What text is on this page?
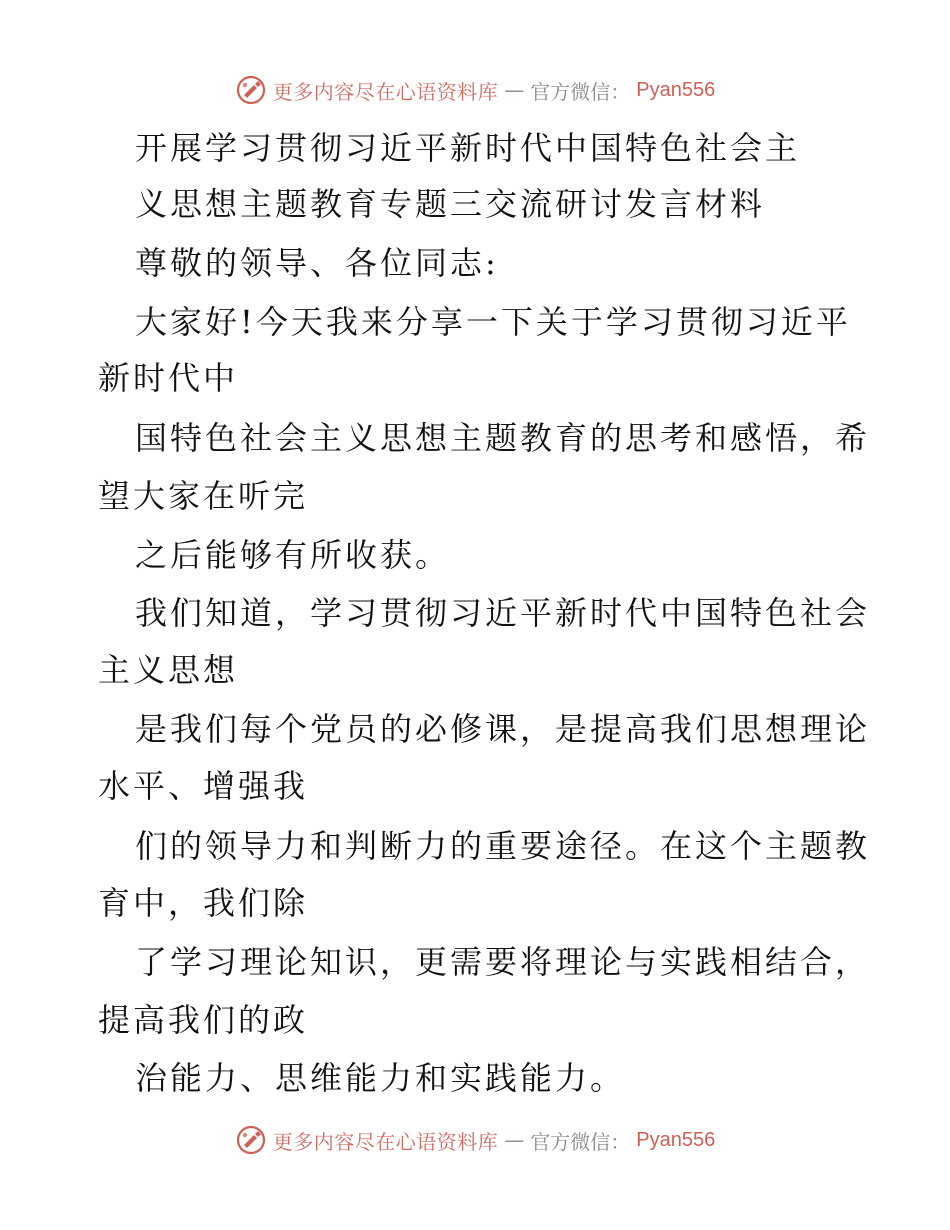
更多内容尽在心语资料库 — 官方微信： Pyan556
开展学习贯彻习近平新时代中国特色社会主
义思想主题教育专题三交流研讨发言材料
尊敬的领导、各位同志:
大家好!今天我来分享一下关于学习贯彻习近平
新时代中
国特色社会主义思想主题教育的思考和感悟，希
望大家在听完
之后能够有所收获。
我们知道，学习贯彻习近平新时代中国特色社会
主义思想
是我们每个党员的必修课，是提高我们思想理论
水平、增强我
们的领导力和判断力的重要途径。在这个主题教
育中，我们除
了学习理论知识，更需要将理论与实践相结合，
提高我们的政
治能力、思维能力和实践能力。
更多内容尽在心语资料库 — 官方微信： Pyan556
